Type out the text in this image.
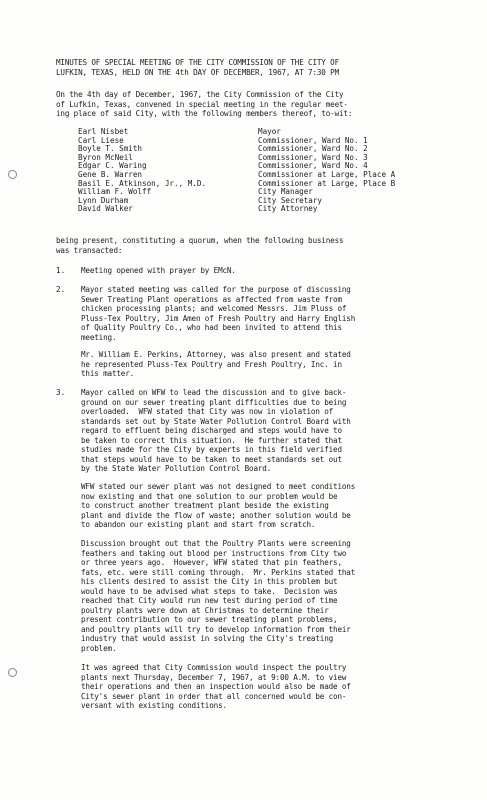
MINUTES OF SPECIAL MEETING OF THE CITY COMMISSION OF THE CITY OF
LUFKIN, TEXAS, HELD ON THE 4th DAY OF DECEMBER, 1967, AT 7:30 PM
On the 4th day of December, 1967, the City Commission of the City
of Lufkin, Texas, convened in special meeting in the regular meet-
ing place of said City, with the following members thereof, to-wit:
Earl Nisbet	Mayor
Carl Liese	Commissioner, Ward No. 1
Boyle T. Smith	Commissioner, Ward No. 2
Byron McNeil	Commissioner, Ward No. 3
Edgar C. Waring	Commissioner, Ward No. 4
Gene B. Warren	Commissioner at Large, Place A
Basil E. Atkinson, Jr., M.D.	Commissioner at Large, Place B
William F. Wolff	City Manager
Lynn Durham	City Secretary
David Walker	City Attorney
being present, constituting a quorum, when the following business
was transacted:
1. Meeting opened with prayer by EMcN.
2. Mayor stated meeting was called for the purpose of discussing
Sewer Treating Plant operations as affected from waste from
chicken processing plants; and welcomed Messrs. Jim Pluss of
Pluss-Tex Poultry, Jim Amen of Fresh Poultry and Harry English
of Quality Poultry Co., who had been invited to attend this
meeting.
Mr. William E. Perkins, Attorney, was also present and stated
he represented Pluss-Tex Poultry and Fresh Poultry, Inc. in
this matter.
3. Mayor called on WFW to lead the discussion and to give back-
ground on our sewer treating plant difficulties due to being
overloaded.  WFW stated that City was now in violation of
standards set out by State Water Pollution Control Board with
regard to effluent being discharged and steps would have to
be taken to correct this situation.  He further stated that
studies made for the City by experts in this field verified
that steps would have to be taken to meet standards set out
by the State Water Pollution Control Board.
WFW stated our sewer plant was not designed to meet conditions
now existing and that one solution to our problem would be
to construct another treatment plant beside the existing
plant and divide the flow of waste; another solution would be
to abandon our existing plant and start from scratch.
Discussion brought out that the Poultry Plants were screening
feathers and taking out blood per instructions from City two
or three years ago.  However, WFW stated that pin feathers,
fats, etc. were still coming through.  Mr. Perkins stated that
his clients desired to assist the City in this problem but
would have to be advised what steps to take.  Decision was
reached that City would run new test during period of time
poultry plants were down at Christmas to determine their
present contribution to our sewer treating plant problems,
and poultry plants will try to develop information from their
industry that would assist in solving the City's treating
problem.
It was agreed that City Commission would inspect the poultry
plants next Thursday, December 7, 1967, at 9:00 A.M. to view
their operations and then an inspection would also be made of
City's sewer plant in order that all concerned would be con-
versant with existing conditions.
